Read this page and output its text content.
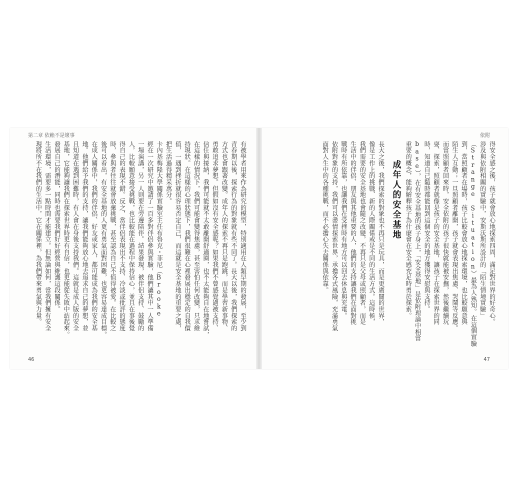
第二章 依賴不是壞事
有被學者用來作為研究的模型，特別適用在人類早期的發展，至少到
青春期以後，探索行為的對象就有些不同了。長大以後，我們探索的
方式也會跟著改變。成年人的探索不再只是跑跳，而是學習新事物、
勇敢追求夢想。但假如沒有安全感呢？如果我們不曾感覺過被支持、
信任與接納，我們可能就不太敢離開舒適圈，也不太能夠自在地嘗試，
在這樣的情況下，我們可能會變得焦慮，甚至害怕任何改變，只求維
持現狀。在這樣的心理狀態下，我們很難在心裡發展出穩定的自我價
值，一遇到挫折就很容易否定自己，而這就是安全基地的重要之處，
把生活過得精采萬分。
卡內基梅隆大學關係實驗室主任布魯克・菲尼（Brooke
經在一次研究中邀請了一百多對伴侶參與實驗，他們讓其中一人準備
一場演講，另一人則要在旁邊陪伴。結果發現，被伴侶支持、鼓勵的
人，比較願意接受挑戰，也比較能在過程中保持信心，並且在事後覺
得自己的表現不錯。反之，當伴侶表現出不支持、冷淡或批評的態度
時，參與者往往就會放棄挑戰，甚至認為自己不值得被愛。在比較之
後可以看出，有安全基地的人更有勇氣面對困難，也更容易達成目標。
在成人關係中，我們的伴侶、好友或家人，都可能成為我們的安全基
地。他們給予我們的支持，讓我們能夠放心地去追求自己的夢想，並
且知道在遇到困難時，有人會在身後支持我們。這就是成人版的安全
基地，它能夠讓我們在探索世界時更有自信，也更能從失敗中站起來。
發展自己的潛能，同時也需要我們好好經營與維護這段關係。
生活環境，需要多一點時間才能建立。但無論如何，當我們擁有安全
現將所不在我們的生活中，它在關係裡，為我們帶來勇氣與力量。
46
依附
得安全感之後，孩子就會放心地探索四周，滿足對世界的好奇心。
涉及與依附相關的實驗中，安斯沃斯所設計的「陌生情境實驗」
（Strange Situation）最為人熟知。在這個實驗
到，當照顧者在場時，孩子比較會放心地探索環境，也比較願意與
陌生人互動；一旦照顧者離開，孩子就會表現出焦慮、哭鬧等反應。
而當照顧者回來時，安全依附的孩子很快就能被安撫，然後繼續玩
耍、探索，照顧者就像是孩子的安全基地，讓孩子在探索世界的同
時，知道自己隨時都能回到這個安全的地方獲得安慰與支持。
base），在有安全基地的孩子身上，「安全基地」是依附理論中相當
重要的概念，能夠解釋孩子為什麼會在安全感充足時勇於探索。
長大之後，我們探索的對象也不再只是玩具，而是更廣闊的世界，
像是工作上的挑戰、新的人際關係或是不同的生活方式。這時候，
我們需要的安全基地也會隨之改變，不再只是父母或照顧者，而是
生活中的伴侶、朋友與其他重要的人，他們的支持讓我們在面對挑
戰時有所依靠，也讓我們在受挫時有地方可以回去休息與充電。
依附對象的支持，我們可以盡情探索世界，承擔各式風險，充滿勇氣
面對人生中的各種挑戰，而不必擔心失去關係與依靠。	成年人的安全基地
47
